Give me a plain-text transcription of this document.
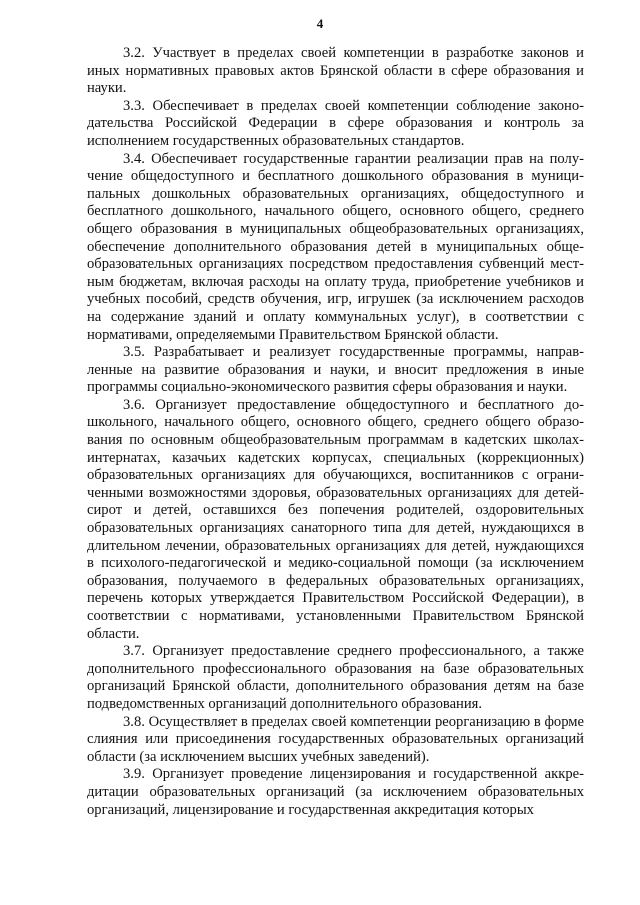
4

3.2. Участвует в пределах своей компетенции в разработке законов и иных нормативных правовых актов Брянской области в сфере образования и науки.

3.3. Обеспечивает в пределах своей компетенции соблюдение законодательства Российской Федерации в сфере образования и контроль за исполнением государственных образовательных стандартов.

3.4. Обеспечивает государственные гарантии реализации прав на получение общедоступного и бесплатного дошкольного образования в муниципальных дошкольных образовательных организациях, общедоступного и бесплатного дошкольного, начального общего, основного общего, среднего общего образования в муниципальных общеобразовательных организациях, обеспечение дополнительного образования детей в муниципальных общеобразовательных организациях посредством предоставления субвенций местным бюджетам, включая расходы на оплату труда, приобретение учебников и учебных пособий, средств обучения, игр, игрушек (за исключением расходов на содержание зданий и оплату коммунальных услуг), в соответствии с нормативами, определяемыми Правительством Брянской области.

3.5. Разрабатывает и реализует государственные программы, направленные на развитие образования и науки, и вносит предложения в иные программы социально-экономического развития сферы образования и науки.

3.6. Организует предоставление общедоступного и бесплатного дошкольного, начального общего, основного общего, среднего общего образования по основным общеобразовательным программам в кадетских школах-интернатах, казачьих кадетских корпусах, специальных (коррекционных) образовательных организациях для обучающихся, воспитанников с ограниченными возможностями здоровья, образовательных организациях для детей-сирот и детей, оставшихся без попечения родителей, оздоровительных образовательных организациях санаторного типа для детей, нуждающихся в длительном лечении, образовательных организациях для детей, нуждающихся в психолого-педагогической и медико-социальной помощи (за исключением образования, получаемого в федеральных образовательных организациях, перечень которых утверждается Правительством Российской Федерации), в соответствии с нормативами, установленными Правительством Брянской области.

3.7. Организует предоставление среднего профессионального, а также дополнительного профессионального образования на базе образовательных организаций Брянской области, дополнительного образования детям на базе подведомственных организаций дополнительного образования.

3.8. Осуществляет в пределах своей компетенции реорганизацию в форме слияния или присоединения государственных образовательных организаций области (за исключением высших учебных заведений).

3.9. Организует проведение лицензирования и государственной аккредитации образовательных организаций (за исключением образовательных организаций, лицензирование и государственная аккредитация которых
